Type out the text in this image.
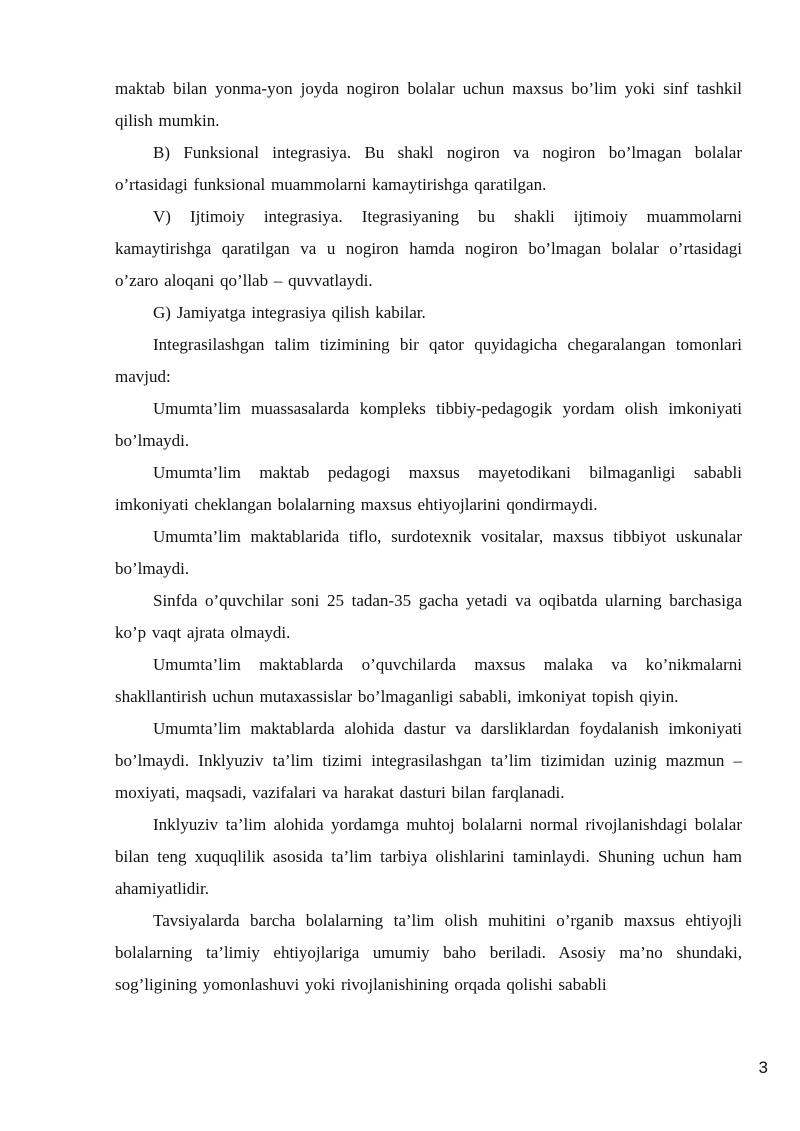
maktab bilan yonma-yon joyda nogiron bolalar uchun maxsus bo’lim yoki sinf tashkil qilish mumkin.

B) Funksional integrasiya. Bu shakl nogiron va nogiron bo’lmagan bolalar o’rtasidagi funksional muammolarni kamaytirishga qaratilgan.

V) Ijtimoiy integrasiya. Itegrasiyaning bu shakli ijtimoiy muammolarni kamaytirishga qaratilgan va u nogiron hamda nogiron bo’lmagan bolalar o’rtasidagi o’zaro aloqani qo’llab – quvvatlaydi.

G) Jamiyatga integrasiya qilish kabilar.

Integrasilashgan talim tizimining bir qator quyidagicha chegaralangan tomonlari mavjud:

Umumta’lim muassasalarda kompleks tibbiy-pedagogik yordam olish imkoniyati bo’lmaydi.

Umumta’lim maktab pedagogi maxsus mayetodikani bilmaganligi sababli imkoniyati cheklangan bolalarning maxsus ehtiyojlarini qondirmaydi.

Umumta’lim maktablarida tiflo, surdotexnik vositalar, maxsus tibbiyot uskunalar bo’lmaydi.

Sinfda o’quvchilar soni 25 tadan-35 gacha yetadi va oqibatda ularning barchasiga ko’p vaqt ajrata olmaydi.

Umumta’lim maktablarda o’quvchilarda maxsus malaka va ko’nikmalarni shakllantirish uchun mutaxassislar bo’lmaganligi sababli, imkoniyat topish qiyin.

Umumta’lim maktablarda alohida dastur va darsliklardan foydalanish imkoniyati bo’lmaydi. Inklyuziv ta’lim tizimi integrasilashgan ta’lim tizimidan uzinig mazmun – moxiyati, maqsadi, vazifalari va harakat dasturi bilan farqlanadi.

Inklyuziv ta’lim alohida yordamga muhtoj bolalarni normal rivojlanishdagi bolalar bilan teng xuquqlilik asosida ta’lim tarbiya olishlarini taminlaydi. Shuning uchun ham ahamiyatlidir.

Tavsiyalarda barcha bolalarning ta’lim olish muhitini o’rganib maxsus ehtiyojli bolalarning ta’limiy ehtiyojlariga umumiy baho beriladi. Asosiy ma’no shundaki, sog’ligining yomonlashuvi yoki rivojlanishining orqada qolishi sababli

3
